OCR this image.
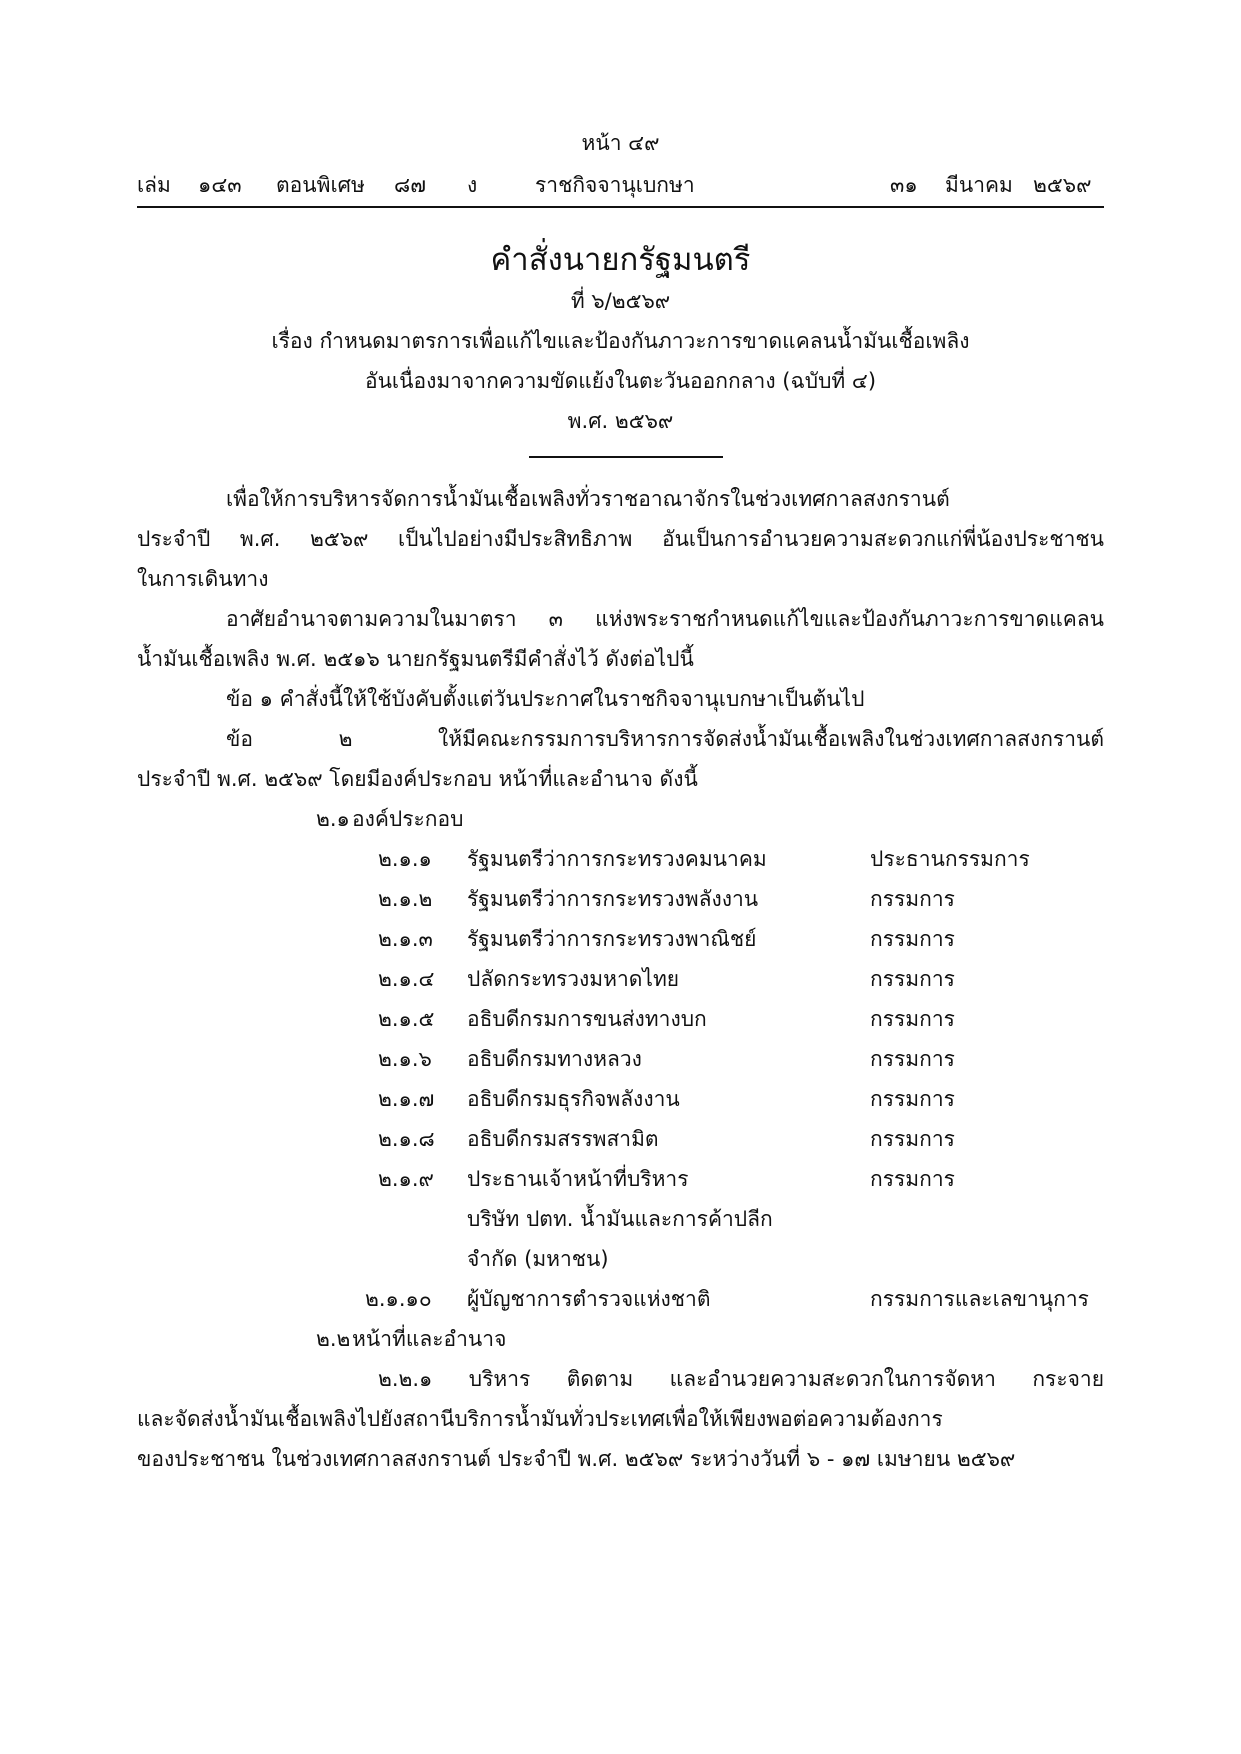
หน้า ๔๙
เล่ม ๑๔๓ ตอนพิเศษ ๘๗ ง	ราชกิจจานุเบกษา	๓๑ มีนาคม ๒๕๖๙
คำสั่งนายกรัฐมนตรี
ที่ ๖/๒๕๖๙
เรื่อง กำหนดมาตรการเพื่อแก้ไขและป้องกันภาวะการขาดแคลนน้ำมันเชื้อเพลิง
อันเนื่องมาจากความขัดแย้งในตะวันออกกลาง (ฉบับที่ ๔)
พ.ศ. ๒๕๖๙
เพื่อให้การบริหารจัดการน้ำมันเชื้อเพลิงทั่วราชอาณาจักรในช่วงเทศกาลสงกรานต์
ประจำปี พ.ศ. ๒๕๖๙ เป็นไปอย่างมีประสิทธิภาพ อันเป็นการอำนวยความสะดวกแก่พี่น้องประชาชน
ในการเดินทาง
อาศัยอำนาจตามความในมาตรา ๓ แห่งพระราชกำหนดแก้ไขและป้องกันภาวะการขาดแคลน
น้ำมันเชื้อเพลิง พ.ศ. ๒๕๑๖ นายกรัฐมนตรีมีคำสั่งไว้ ดังต่อไปนี้
ข้อ ๑ คำสั่งนี้ให้ใช้บังคับตั้งแต่วันประกาศในราชกิจจานุเบกษาเป็นต้นไป
ข้อ ๒ ให้มีคณะกรรมการบริหารการจัดส่งน้ำมันเชื้อเพลิงในช่วงเทศกาลสงกรานต์
ประจำปี พ.ศ. ๒๕๖๙ โดยมีองค์ประกอบ หน้าที่และอำนาจ ดังนี้
๒.๑ องค์ประกอบ
๒.๑.๑ รัฐมนตรีว่าการกระทรวงคมนาคม	ประธานกรรมการ
๒.๑.๒ รัฐมนตรีว่าการกระทรวงพลังงาน	กรรมการ
๒.๑.๓ รัฐมนตรีว่าการกระทรวงพาณิชย์	กรรมการ
๒.๑.๔ ปลัดกระทรวงมหาดไทย	กรรมการ
๒.๑.๕ อธิบดีกรมการขนส่งทางบก	กรรมการ
๒.๑.๖ อธิบดีกรมทางหลวง	กรรมการ
๒.๑.๗ อธิบดีกรมธุรกิจพลังงาน	กรรมการ
๒.๑.๘ อธิบดีกรมสรรพสามิต	กรรมการ
๒.๑.๙ ประธานเจ้าหน้าที่บริหาร	กรรมการ
บริษัท ปตท. น้ำมันและการค้าปลีก
จำกัด (มหาชน)
๒.๑.๑๐ ผู้บัญชาการตำรวจแห่งชาติ	กรรมการและเลขานุการ
๒.๒ หน้าที่และอำนาจ
๒.๒.๑ บริหาร ติดตาม และอำนวยความสะดวกในการจัดหา กระจาย
และจัดส่งน้ำมันเชื้อเพลิงไปยังสถานีบริการน้ำมันทั่วประเทศเพื่อให้เพียงพอต่อความต้องการ
ของประชาชน ในช่วงเทศกาลสงกรานต์ ประจำปี พ.ศ. ๒๕๖๙ ระหว่างวันที่ ๖ - ๑๗ เมษายน ๒๕๖๙
